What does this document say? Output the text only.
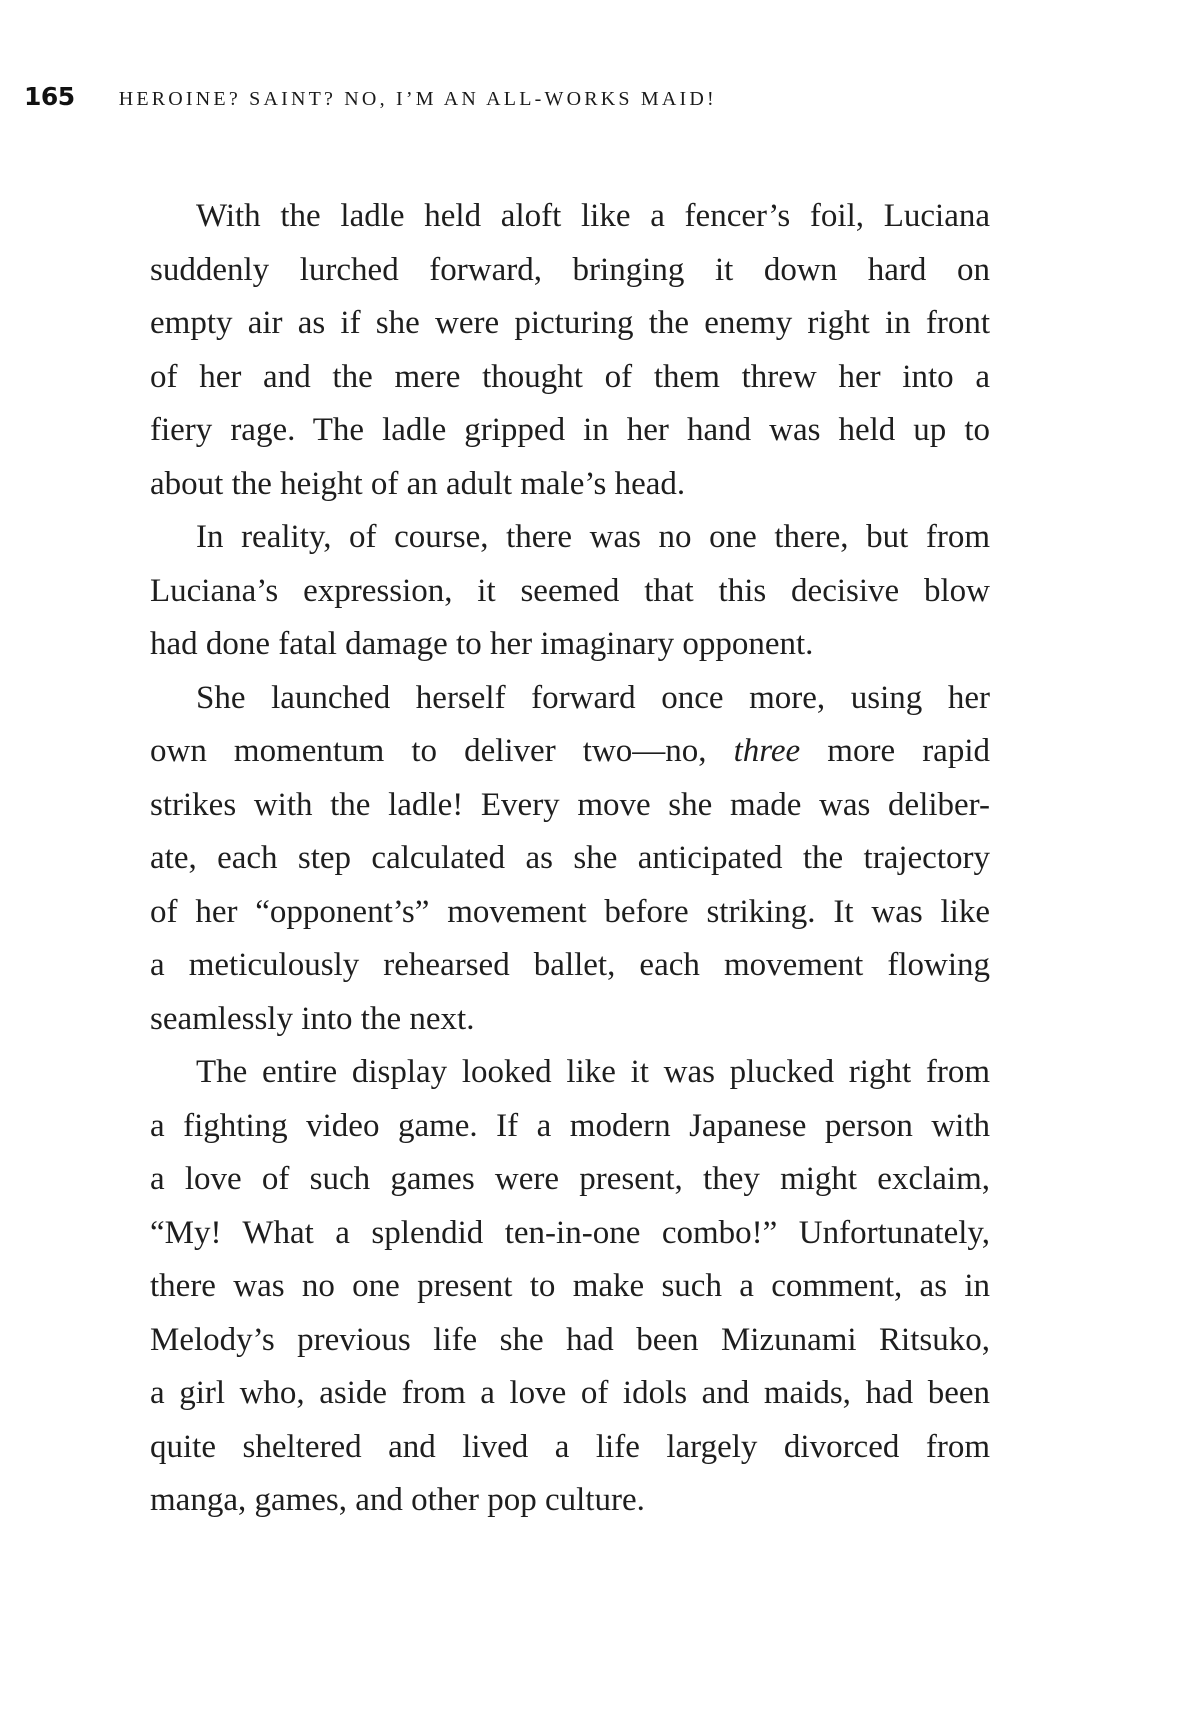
165 HEROINE? SAINT? NO, I’M AN ALL-WORKS MAID!
With the ladle held aloft like a fencer’s foil, Luciana
suddenly lurched forward, bringing it down hard on
empty air as if she were picturing the enemy right in front
of her and the mere thought of them threw her into a
fiery rage. The ladle gripped in her hand was held up to
about the height of an adult male’s head.
In reality, of course, there was no one there, but from
Luciana’s expression, it seemed that this decisive blow
had done fatal damage to her imaginary opponent.
She launched herself forward once more, using her
own momentum to deliver two—no, three more rapid
strikes with the ladle! Every move she made was deliber-
ate, each step calculated as she anticipated the trajectory
of her “opponent’s” movement before striking. It was like
a meticulously rehearsed ballet, each movement flowing
seamlessly into the next.
The entire display looked like it was plucked right from
a fighting video game. If a modern Japanese person with
a love of such games were present, they might exclaim,
“My! What a splendid ten-in-one combo!” Unfortunately,
there was no one present to make such a comment, as in
Melody’s previous life she had been Mizunami Ritsuko,
a girl who, aside from a love of idols and maids, had been
quite sheltered and lived a life largely divorced from
manga, games, and other pop culture.
